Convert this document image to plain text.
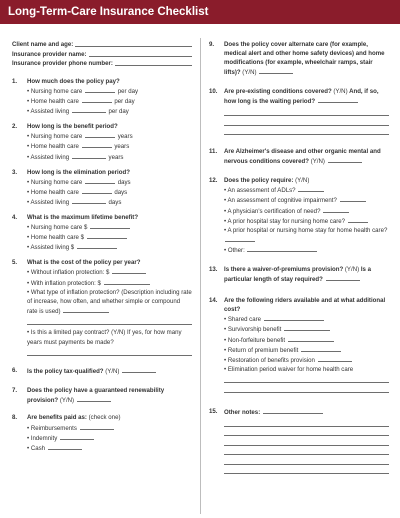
Long-Term-Care Insurance Checklist
Client name and age:
Insurance provider name:
Insurance provider phone number:
1. How much does the policy pay?
• Nursing home care	per day
• Home health care	per day
• Assisted living	per day
2. How long is the benefit period?
• Nursing home care	years
• Home health care	years
• Assisted living	years
3. How long is the elimination period?
• Nursing home care	days
• Home health care	days
• Assisted living	days
4. What is the maximum lifetime benefit?
• Nursing home care $
• Home health care $
• Assisted living $
5. What is the cost of the policy per year?
• Without inflation protection: $
• With inflation protection: $
• What type of inflation protection? (Description including rate of increase, how often, and whether simple or compound rate is used)
• Is this a limited pay contract? (Y/N) If yes, for how many years must payments be made?
6. Is the policy tax-qualified? (Y/N)
7. Does the policy have a guaranteed renewability provision? (Y/N)
8. Are benefits paid as: (check one)
• Reimbursements
• Indemnity
• Cash
9. Does the policy cover alternate care (for example, medical alert and other home safety devices) and home modifications (for example, wheelchair ramps, stair lifts)? (Y/N)
10. Are pre-existing conditions covered? (Y/N) And, if so, how long is the waiting period?
11. Are Alzheimer's disease and other organic mental and nervous conditions covered? (Y/N)
12. Does the policy require: (Y/N)
• An assessment of ADLs?
• An assessment of cognitive impairment?
• A physician's certification of need?
• A prior hospital stay for nursing home care?
• A prior hospital or nursing home stay for home health care?
• Other:
13. Is there a waiver-of-premiums provision? (Y/N) Is a particular length of stay required?
14. Are the following riders available and at what additional cost?
• Shared care
• Survivorship benefit
• Non-forfeiture benefit
• Return of premium benefit
• Restoration of benefits provision
• Elimination period waiver for home health care
15. Other notes:
